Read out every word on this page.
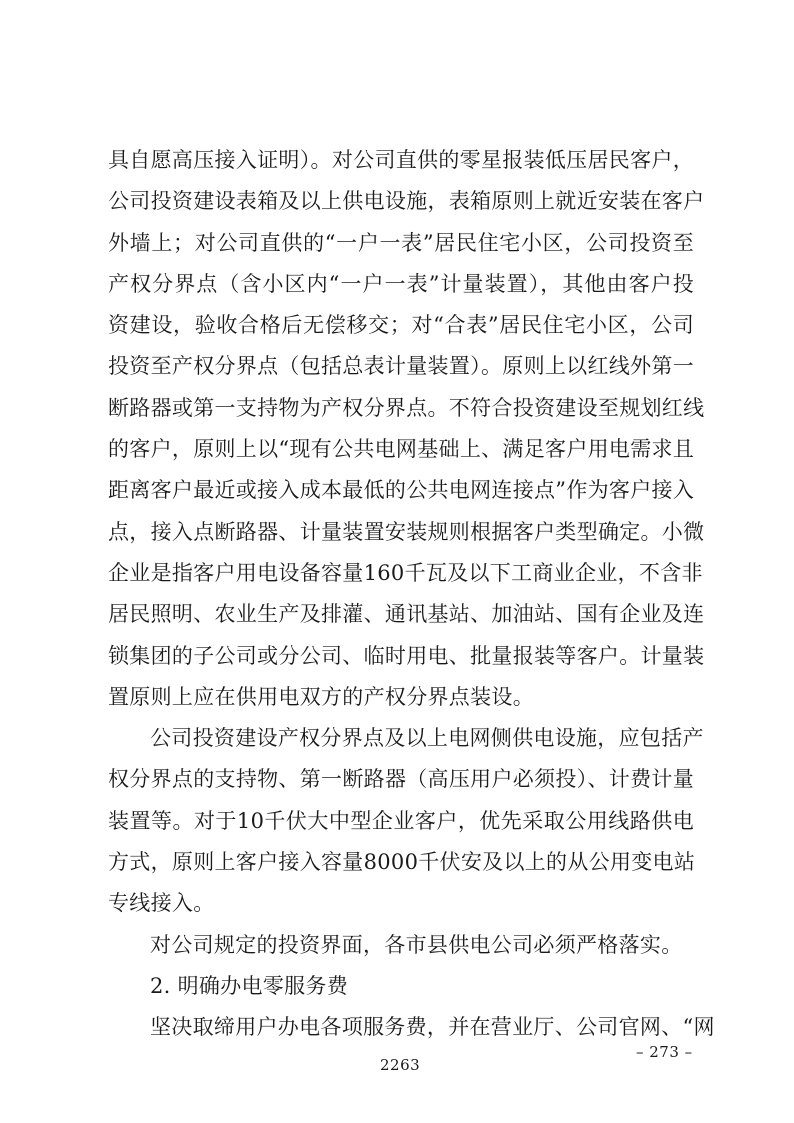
具自愿高压接入证明）。对公司直供的零星报装低压居民客户，
公司投资建设表箱及以上供电设施，表箱原则上就近安装在客户
外墙上；对公司直供的“一户一表”居民住宅小区，公司投资至
产权分界点（含小区内“一户一表”计量装置），其他由客户投
资建设，验收合格后无偿移交；对“合表”居民住宅小区，公司
投资至产权分界点（包括总表计量装置）。原则上以红线外第一
断路器或第一支持物为产权分界点。不符合投资建设至规划红线
的客户，原则上以“现有公共电网基础上、满足客户用电需求且
距离客户最近或接入成本最低的公共电网连接点”作为客户接入
点，接入点断路器、计量装置安装规则根据客户类型确定。小微
企业是指客户用电设备容量160千瓦及以下工商业企业，不含非
居民照明、农业生产及排灌、通讯基站、加油站、国有企业及连
锁集团的子公司或分公司、临时用电、批量报装等客户。计量装
置原则上应在供用电双方的产权分界点装设。
公司投资建设产权分界点及以上电网侧供电设施，应包括产
权分界点的支持物、第一断路器（高压用户必须投）、计费计量
装置等。对于10千伏大中型企业客户，优先采取公用线路供电
方式，原则上客户接入容量8000千伏安及以上的从公用变电站
专线接入。
对公司规定的投资界面，各市县供电公司必须严格落实。
2. 明确办电零服务费
坚决取缔用户办电各项服务费，并在营业厅、公司官网、“网
– 273 –
2263
